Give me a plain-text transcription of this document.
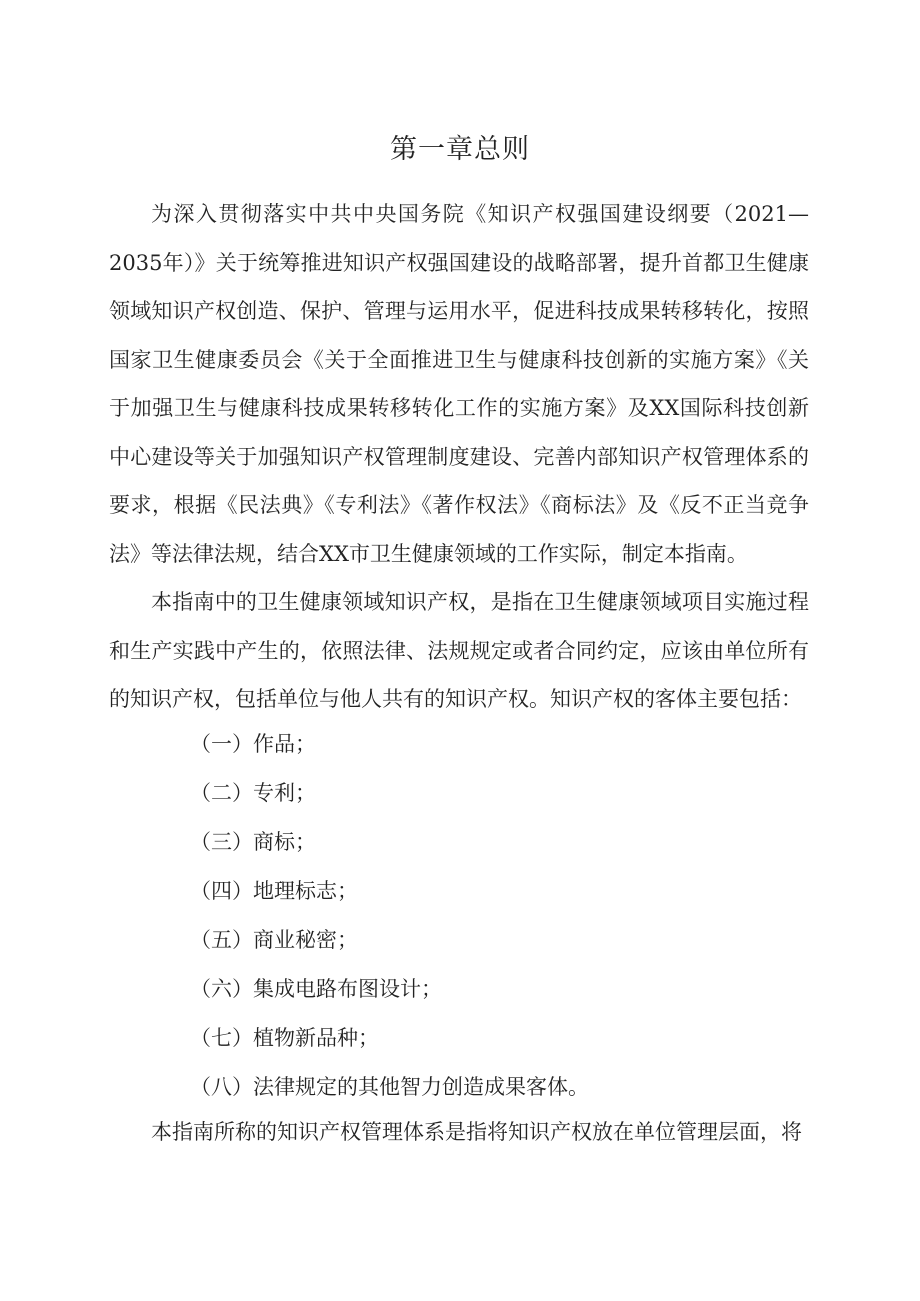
第一章总则

为深入贯彻落实中共中央国务院《知识产权强国建设纲要（2021—2035年）》关于统筹推进知识产权强国建设的战略部署，提升首都卫生健康领域知识产权创造、保护、管理与运用水平，促进科技成果转移转化，按照国家卫生健康委员会《关于全面推进卫生与健康科技创新的实施方案》《关于加强卫生与健康科技成果转移转化工作的实施方案》及XX国际科技创新中心建设等关于加强知识产权管理制度建设、完善内部知识产权管理体系的要求，根据《民法典》《专利法》《著作权法》《商标法》及《反不正当竞争法》等法律法规，结合XX市卫生健康领域的工作实际，制定本指南。

本指南中的卫生健康领域知识产权，是指在卫生健康领域项目实施过程和生产实践中产生的，依照法律、法规规定或者合同约定，应该由单位所有的知识产权，包括单位与他人共有的知识产权。知识产权的客体主要包括：

（一）作品；
（二）专利；
（三）商标；
（四）地理标志；
（五）商业秘密；
（六）集成电路布图设计；
（七）植物新品种；
（八）法律规定的其他智力创造成果客体。

本指南所称的知识产权管理体系是指将知识产权放在单位管理层面，将
